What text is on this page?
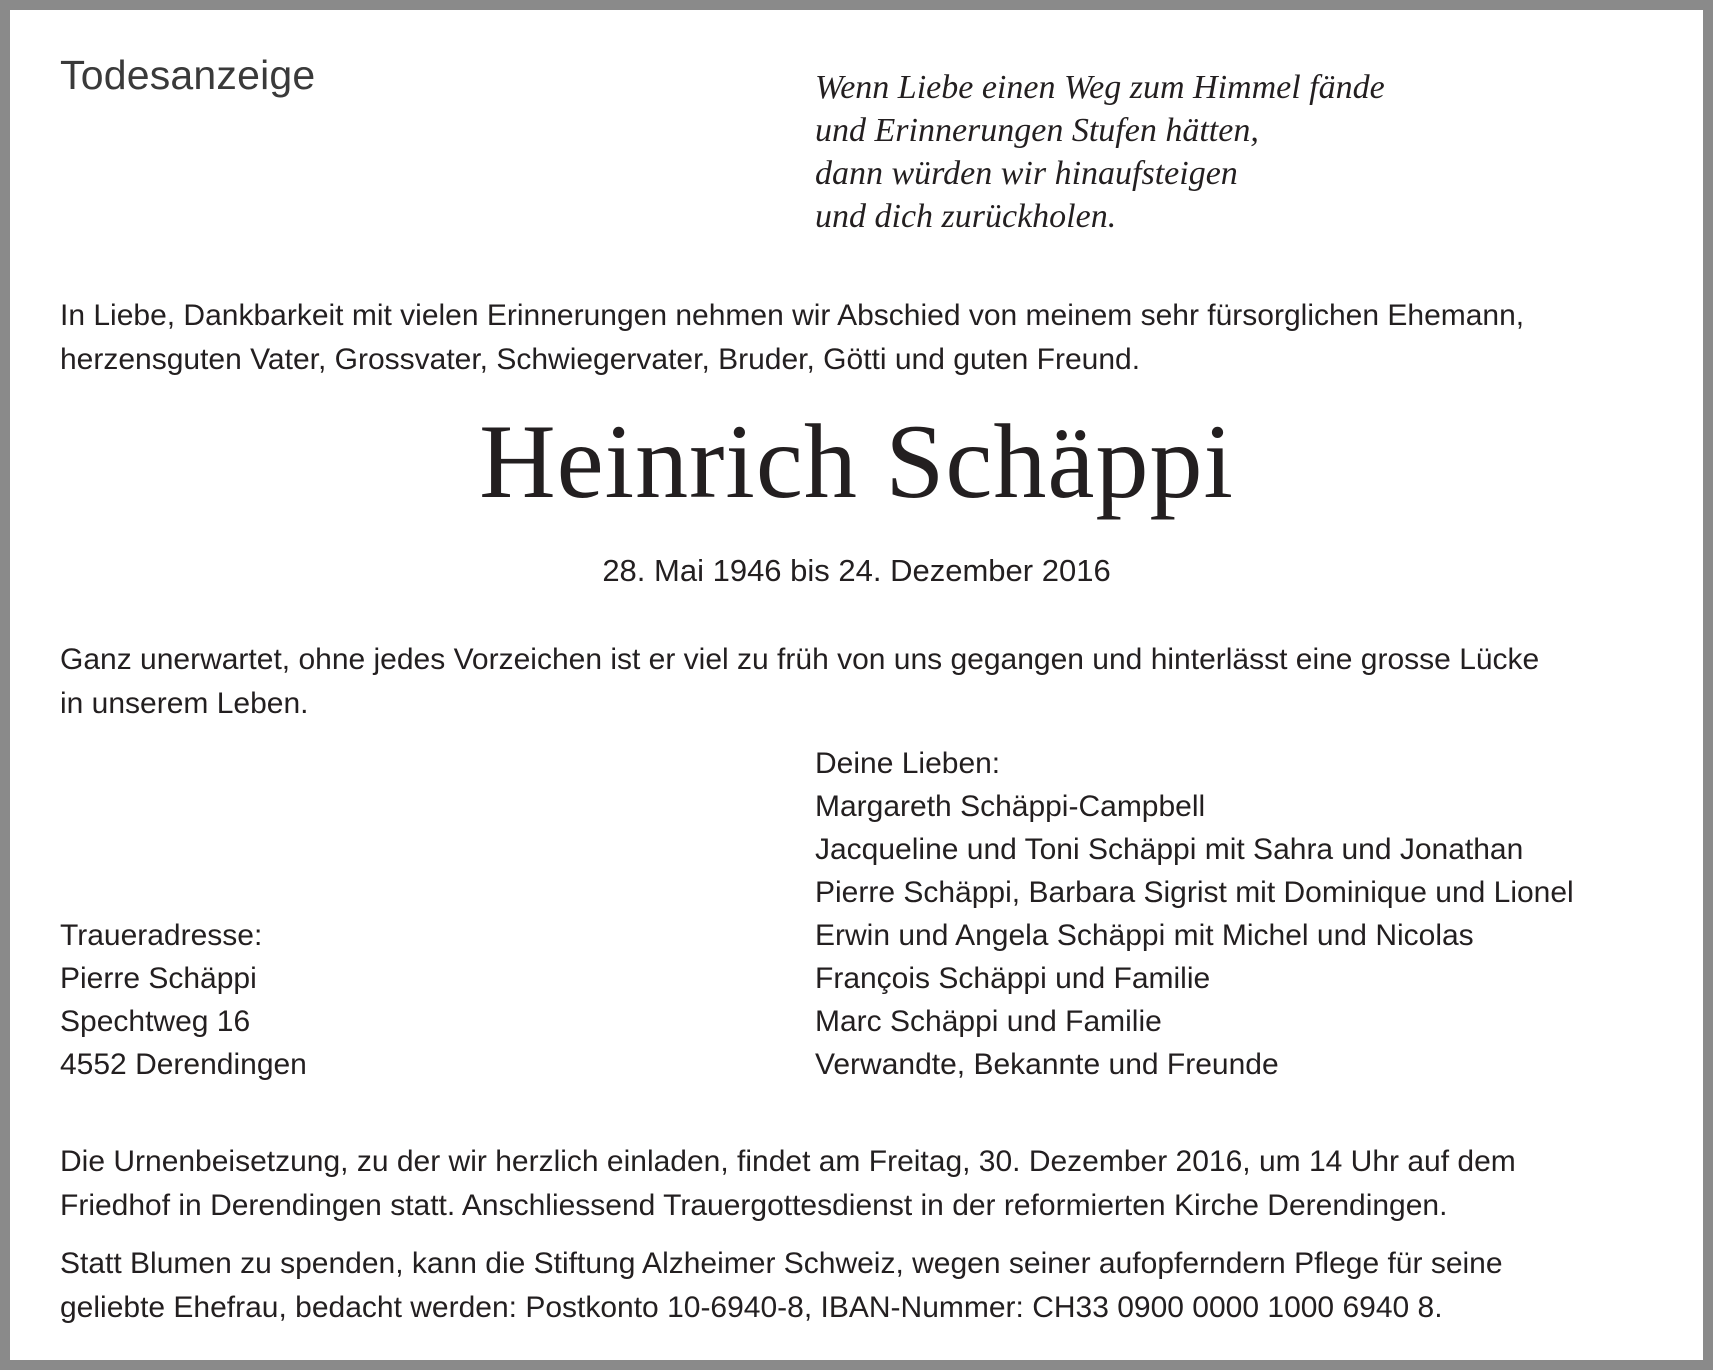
Todesanzeige	Wenn Liebe einen Weg zum Himmel fände
und Erinnerungen Stufen hätten,
dann würden wir hinaufsteigen
und dich zurückholen.
In Liebe, Dankbarkeit mit vielen Erinnerungen nehmen wir Abschied von meinem sehr fürsorglichen Ehemann,
herzensguten Vater, Grossvater, Schwiegervater, Bruder, Götti und guten Freund.
Heinrich Schäppi
28. Mai 1946 bis 24. Dezember 2016
Ganz unerwartet, ohne jedes Vorzeichen ist er viel zu früh von uns gegangen und hinterlässt eine grosse Lücke
in unserem Leben.
Deine Lieben:
Margareth Schäppi-Campbell
Jacqueline und Toni Schäppi mit Sahra und Jonathan
Pierre Schäppi, Barbara Sigrist mit Dominique und Lionel
Erwin und Angela Schäppi mit Michel und Nicolas
François Schäppi und Familie
Marc Schäppi und Familie
Verwandte, Bekannte und Freunde
Traueradresse:
Pierre Schäppi
Spechtweg 16
4552 Derendingen
Die Urnenbeisetzung, zu der wir herzlich einladen, findet am Freitag, 30. Dezember 2016, um 14 Uhr auf dem
Friedhof in Derendingen statt. Anschliessend Trauergottesdienst in der reformierten Kirche Derendingen.
Statt Blumen zu spenden, kann die Stiftung Alzheimer Schweiz, wegen seiner aufopferndern Pflege für seine
geliebte Ehefrau, bedacht werden: Postkonto 10-6940-8, IBAN-Nummer: CH33 0900 0000 1000 6940 8.
